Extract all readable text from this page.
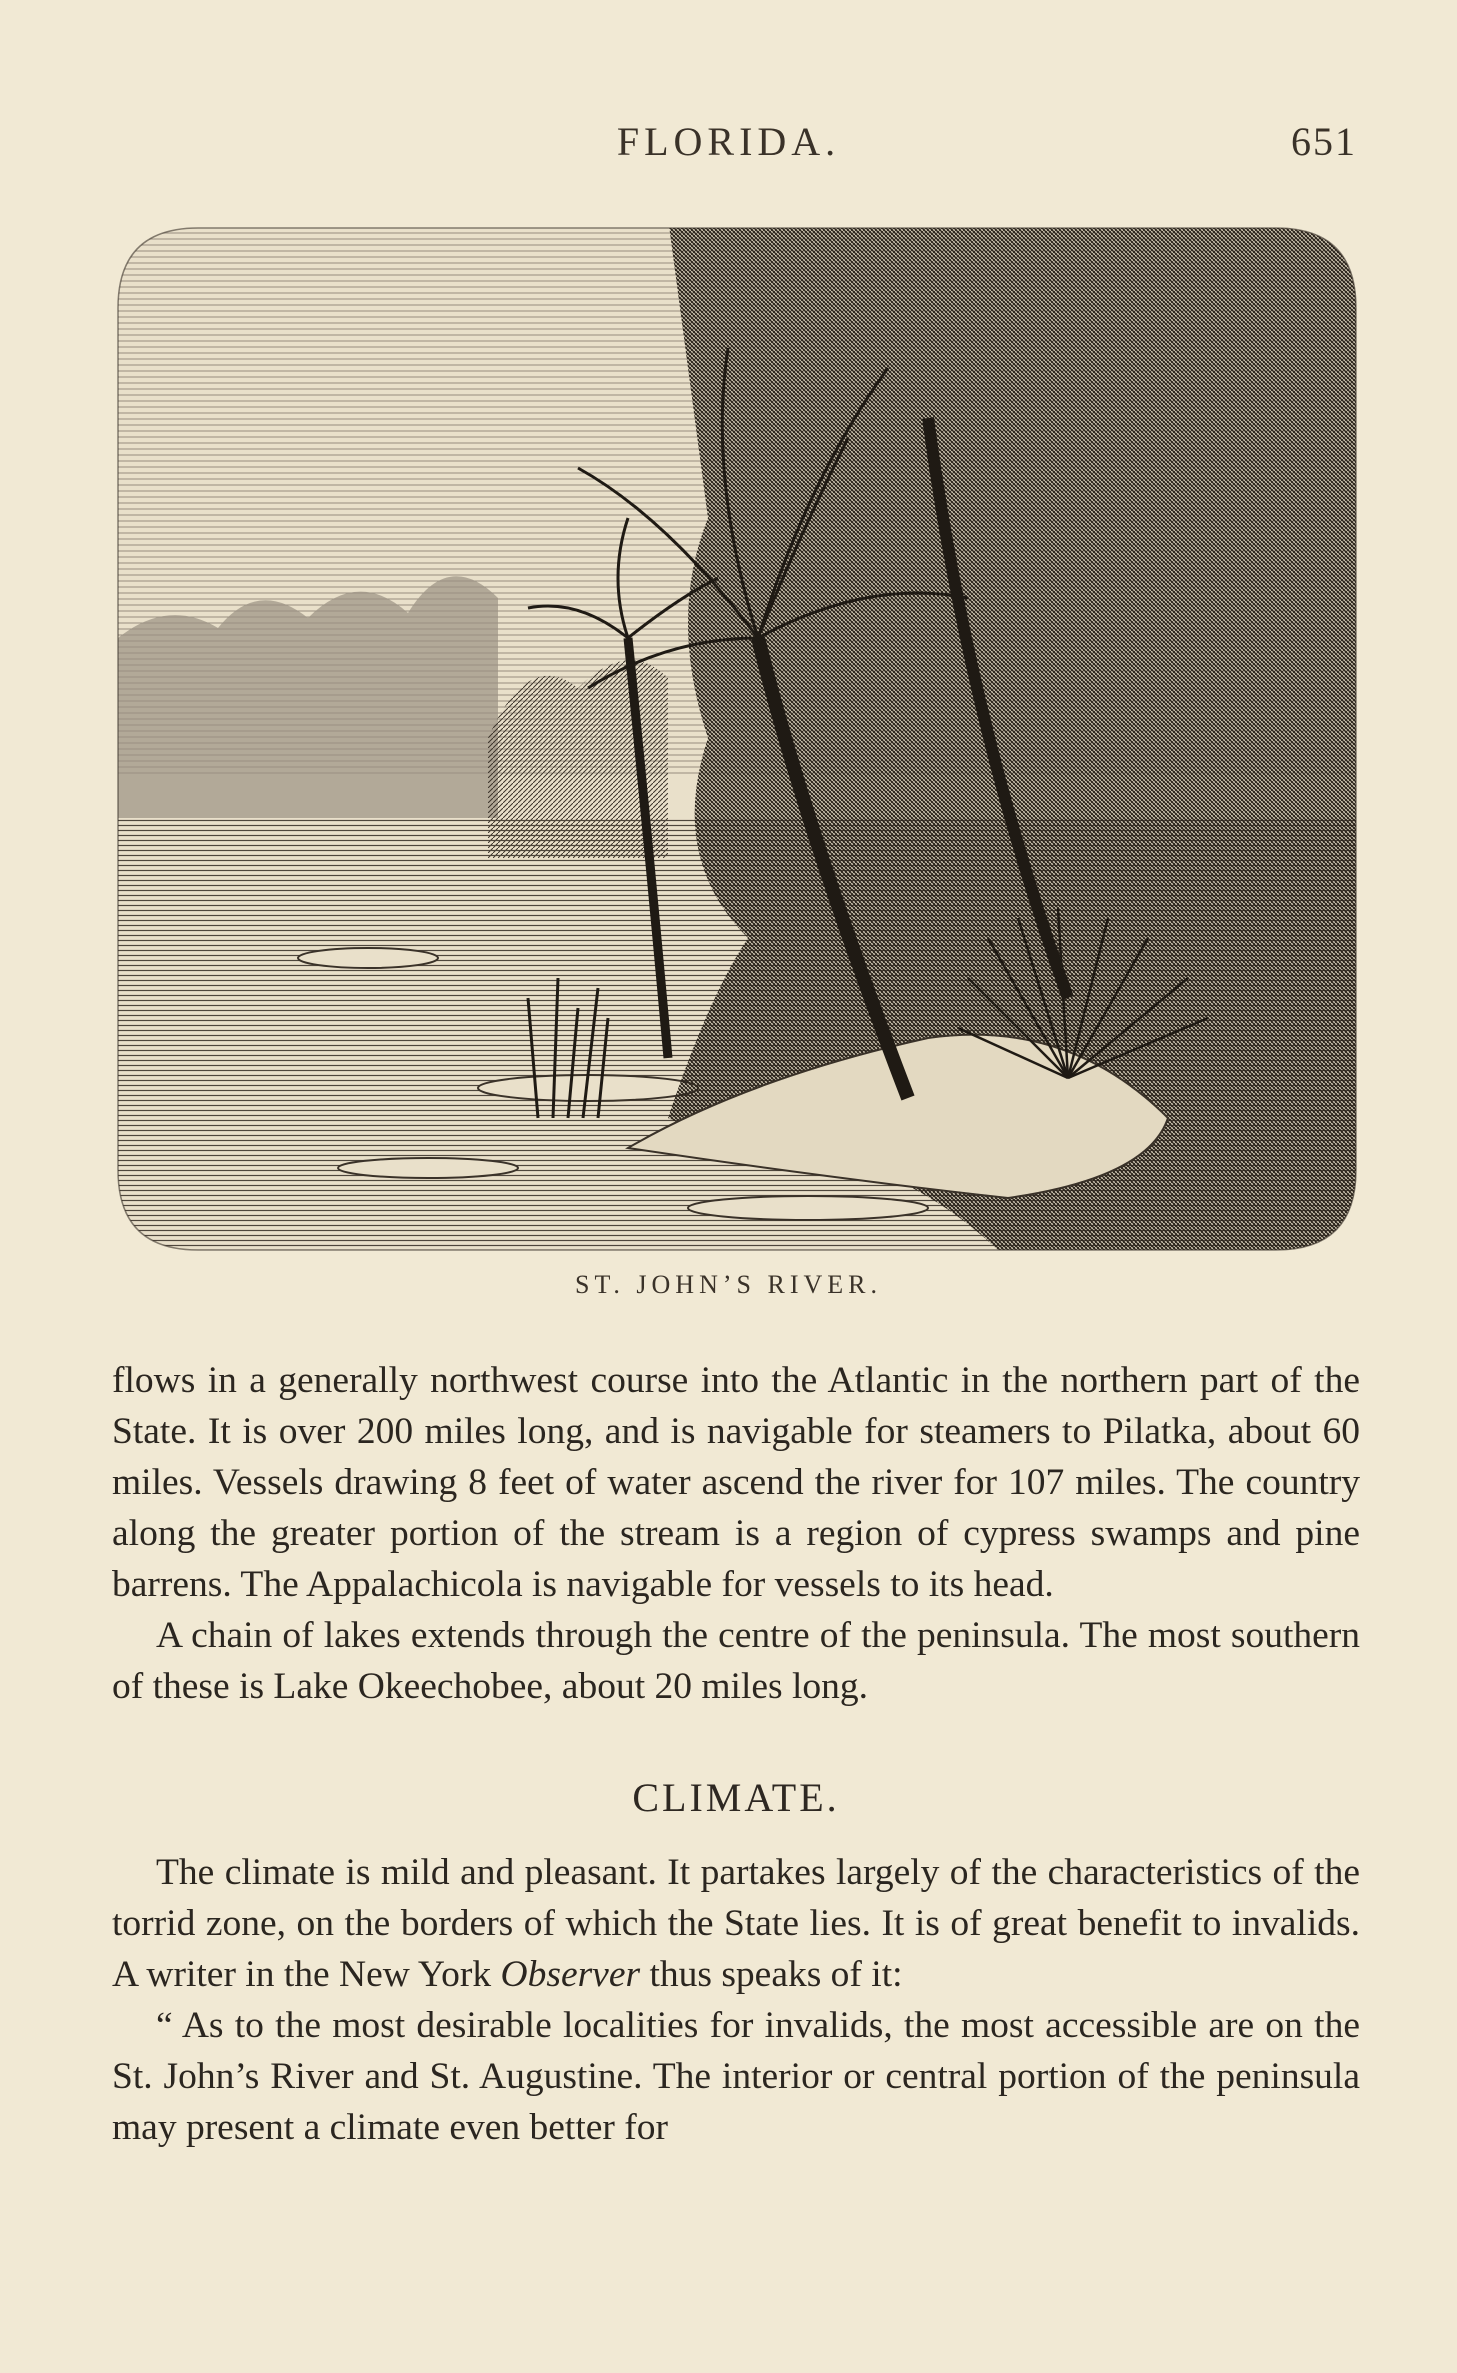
FLORIDA.	651
ST. JOHN’S RIVER.

flows in a generally northwest course into the Atlantic in the northern part of the State. It is over 200 miles long, and is navigable for steamers to Pilatka, about 60 miles. Vessels drawing 8 feet of water ascend the river for 107 miles. The country along the greater portion of the stream is a region of cypress swamps and pine barrens. The Appalachicola is navigable for vessels to its head.

A chain of lakes extends through the centre of the peninsula. The most southern of these is Lake Okeechobee, about 20 miles long.

CLIMATE.

The climate is mild and pleasant. It partakes largely of the characteristics of the torrid zone, on the borders of which the State lies. It is of great benefit to invalids. A writer in the New York Observer thus speaks of it:

“ As to the most desirable localities for invalids, the most accessible are on the St. John’s River and St. Augustine. The interior or central portion of the peninsula may present a climate even better for
